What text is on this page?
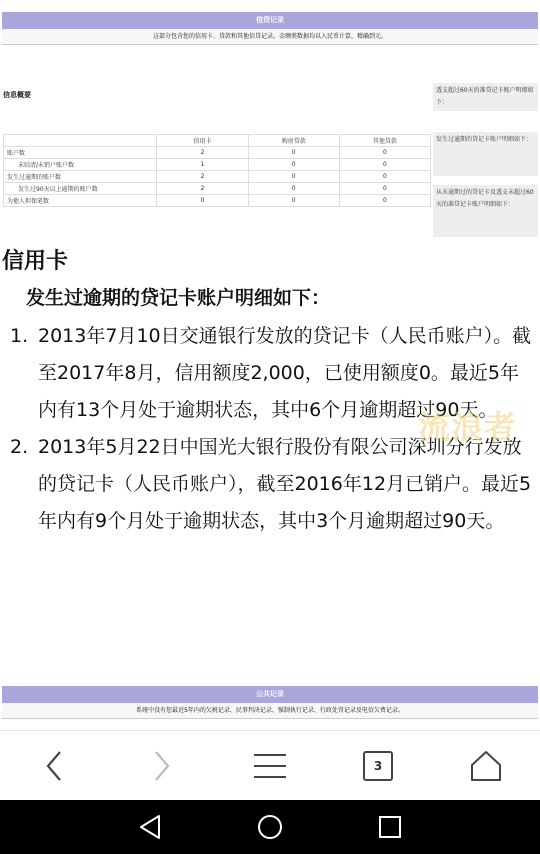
信贷记录
这部分包含您的信用卡、贷款和其他信贷记录。金额类数据均以人民币计算，精确到元。
信息概要
透支超过60天的准贷记卡账户明细如下：
发生过逾期的贷记卡账户明细如下：
从未逾期过的贷记卡及透支未超过60天的准贷记卡账户明细如下：
	信用卡	购房贷款	其他贷款
账户数	2	0	0
未结清/未销户账户数	1	0	0
发生过逾期的账户数	2	0	0
发生过90天以上逾期的账户数	2	0	0
为他人担保笔数	0	0	0
信用卡
发生过逾期的贷记卡账户明细如下：
1. 2013年7月10日交通银行发放的贷记卡（人民币账户）。截至2017年8月，信用额度2,000，已使用额度0。最近5年内有13个月处于逾期状态，其中6个月逾期超过90天。
2. 2013年5月22日中国光大银行股份有限公司深圳分行发放的贷记卡（人民币账户），截至2016年12月已销户。最近5年内有9个月处于逾期状态，其中3个月逾期超过90天。
流浪者
公共记录
系统中没有您最近5年内的欠税记录、民事判决记录、强制执行记录、行政处罚记录及电信欠费记录。
3
